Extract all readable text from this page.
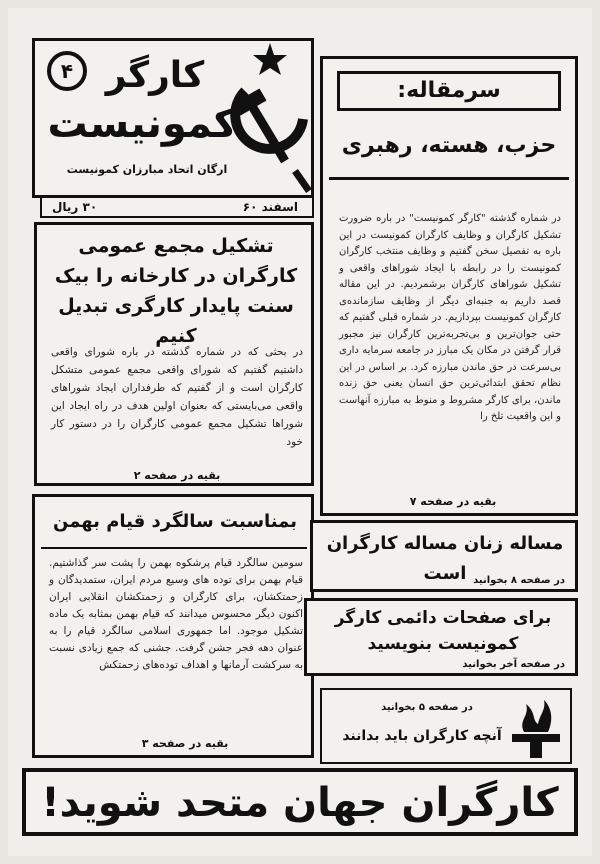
۴ کارگر
کمونیست
ارگان اتحاد مبارزان کمونیست
۳۰ ریال	اسفند ۶۰
تشکیل مجمع عمومی کارگران در کارخانه را بیک سنت پایدار کارگری تبدیل کنیم
در بحثی که در شماره گذشته در باره شورای واقعی داشتیم گفتیم که شورای واقعی مجمع عمومی متشکل کارگران است و از گفتیم که طرفداران ایجاد شوراهای واقعی می‌بایستی که بعنوان اولین هدف در راه ایجاد این شوراها تشکیل مجمع عمومی کارگران را در دستور کار خود
بقیه در صفحه ۲
بمناسبت سالگرد قیام بهمن
سومین سالگرد قیام پرشکوه بهمن را پشت سر گذاشتیم. قیام بهمن برای توده های وسیع مردم ایران، ستمدیدگان و زحمتکشان، برای کارگران و زحمتکشان انقلابی ایران اکنون دیگر محسوس میدانند که قیام بهمن بمثابه یک ماده تشکیل موجود. اما جمهوری اسلامی سالگرد قیام را به عنوان دهه فجر جشن گرفت. جشنی که جمع زیادی نسبت به سرکشت آرمانها و اهداف توده‌های زحمتکش
بقیه در صفحه ۳
سرمقاله:
حزب، هسته، رهبری
در شماره گذشته "کارگر کمونیست" در باره ضرورت تشکیل کارگران و وظایف کارگران کمونیست در این باره به تفصیل سخن گفتیم و وظایف منتخب کارگران کمونیست را در رابطه با ایجاد شوراهای واقعی و تشکیل شوراهای کارگران برشمردیم. در این مقاله قصد داریم به جنبه‌ای دیگر از وظایف سازمانده‌ی کارگران کمونیست بپردازیم. در شماره قبلی گفتیم که حتی جوان‌ترین و بی‌تجربه‌ترین کارگران نیز مجبور قرار گرفتن در مکان یک مبارز در جامعه سرمایه داری بی‌سرعت در حق ماندن مبارزه کرد. بر اساس در این نظام تحقق ابتدائی‌ترین حق انسان یعنی حق زنده ماندن، برای کارگر مشروط و منوط به مبارزه آنهاست و این واقعیت تلخ را
بقیه در صفحه ۷
مساله زنان مساله کارگران است در صفحه ۸ بخوانید
برای صفحات دائمی کارگر کمونیست بنویسید
در صفحه آخر بخوانید
در صفحه ۵ بخوانید
آنچه کارگران باید بدانند
کارگران جهان متحد شوید!
